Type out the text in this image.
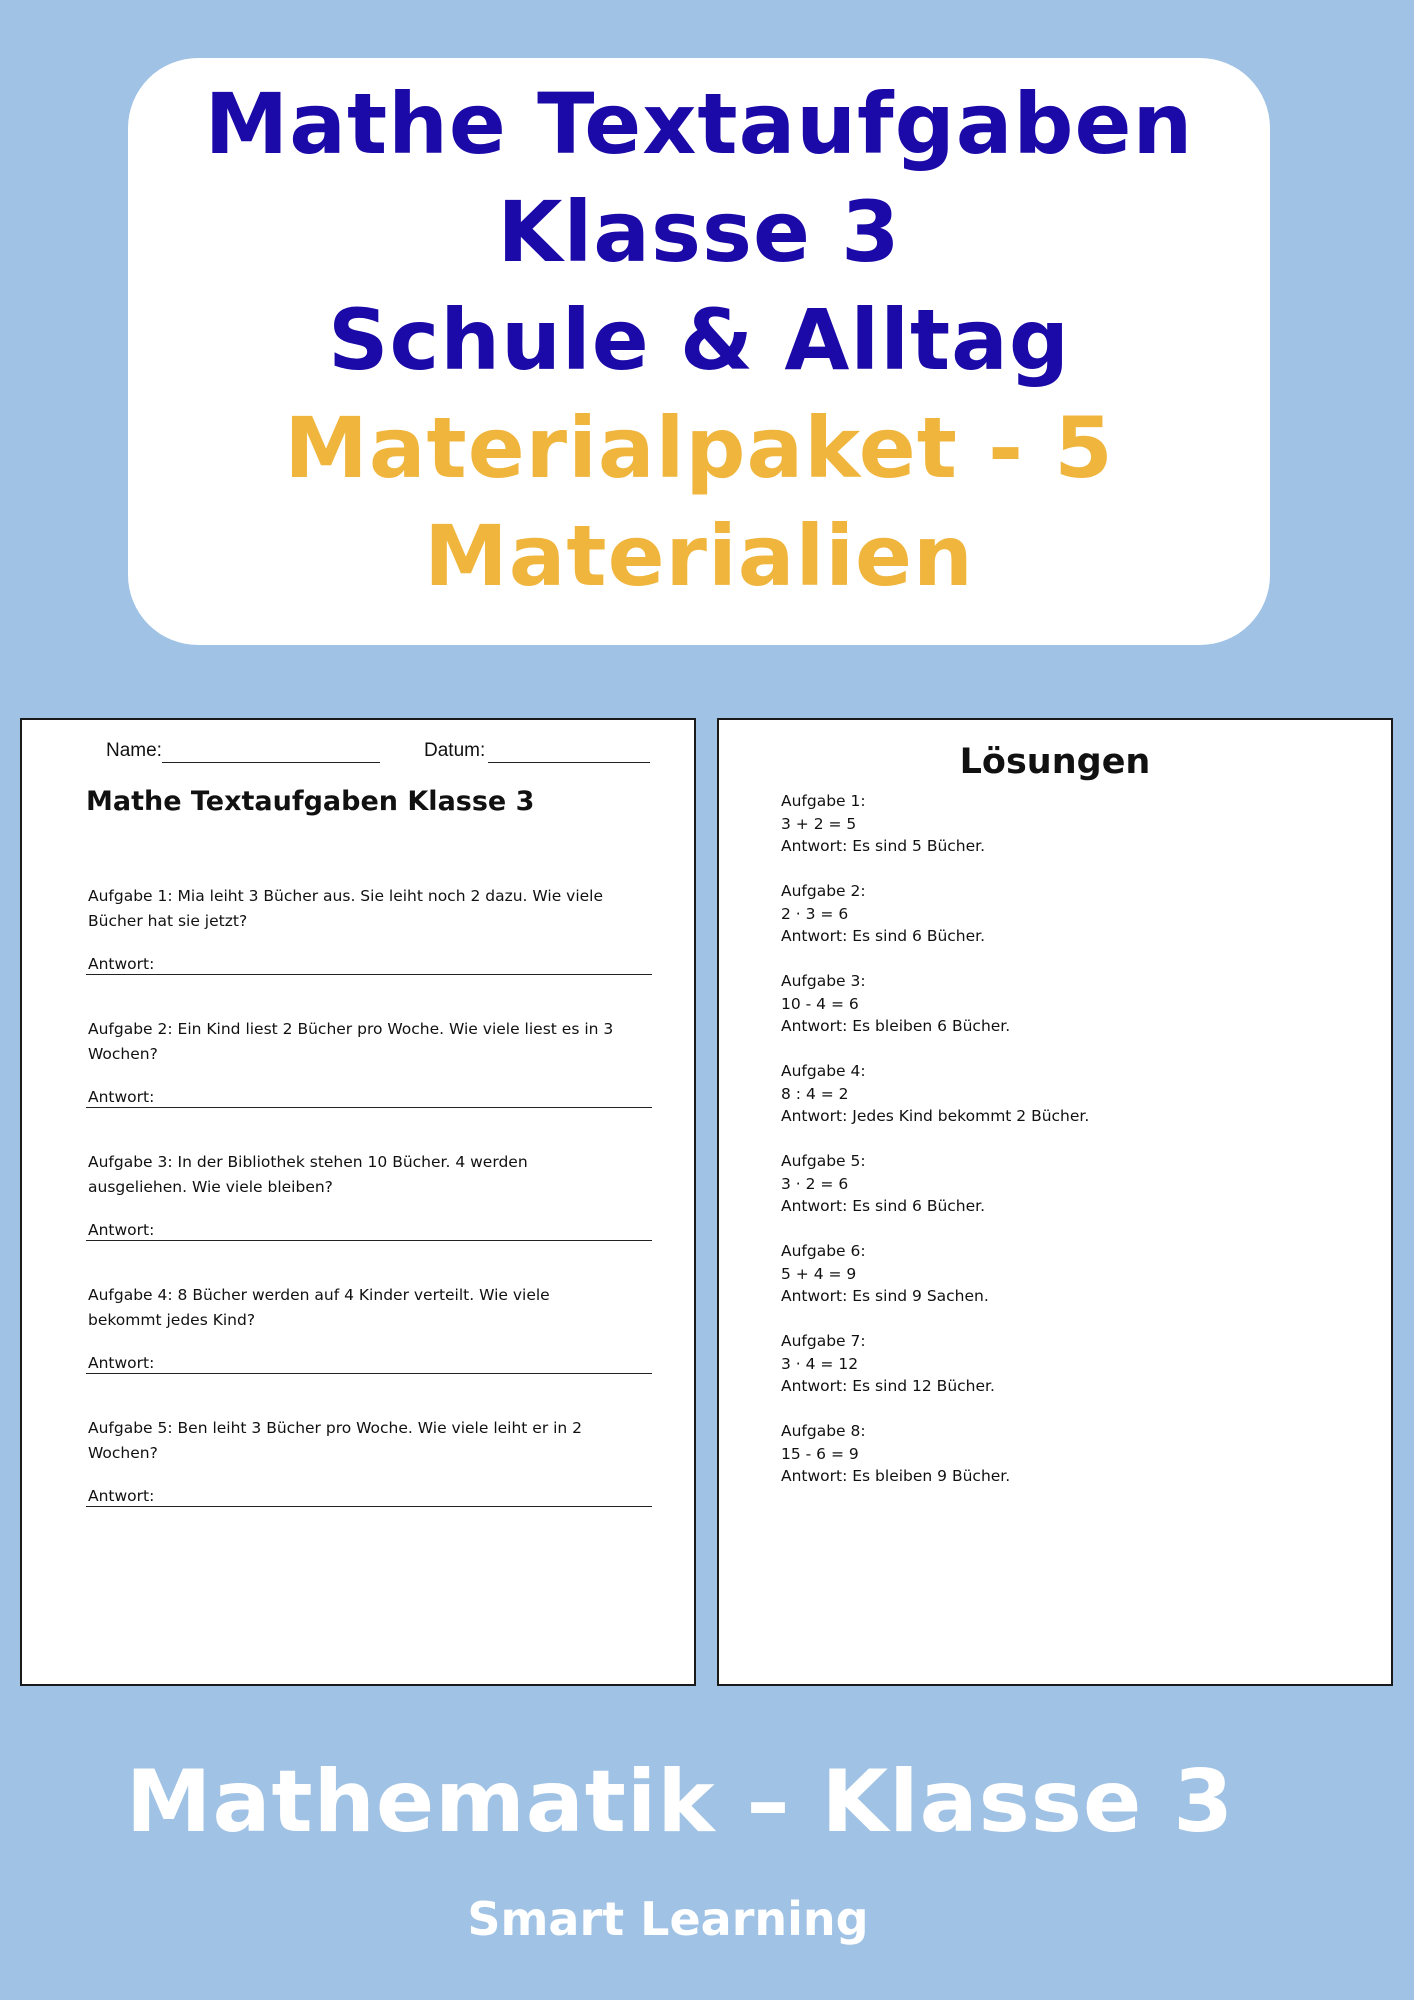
Mathe Textaufgaben

Klasse 3

Schule & Alltag

Materialpaket - 5

Materialien

Name:	Datum:
Mathe Textaufgaben Klasse 3
Aufgabe 1: Mia leiht 3 Bücher aus. Sie leiht noch 2 dazu. Wie viele Bücher hat sie jetzt?
Antwort:
Aufgabe 2: Ein Kind liest 2 Bücher pro Woche. Wie viele liest es in 3 Wochen?
Antwort:
Aufgabe 3: In der Bibliothek stehen 10 Bücher. 4 werden ausgeliehen. Wie viele bleiben?
Antwort:
Aufgabe 4: 8 Bücher werden auf 4 Kinder verteilt. Wie viele bekommt jedes Kind?
Antwort:
Aufgabe 5: Ben leiht 3 Bücher pro Woche. Wie viele leiht er in 2 Wochen?
Antwort:
Lösungen
Aufgabe 1:
3 + 2 = 5
Antwort: Es sind 5 Bücher.
Aufgabe 2:
2 · 3 = 6
Antwort: Es sind 6 Bücher.
Aufgabe 3:
10 - 4 = 6
Antwort: Es bleiben 6 Bücher.
Aufgabe 4:
8 : 4 = 2
Antwort: Jedes Kind bekommt 2 Bücher.
Aufgabe 5:
3 · 2 = 6
Antwort: Es sind 6 Bücher.
Aufgabe 6:
5 + 4 = 9
Antwort: Es sind 9 Sachen.
Aufgabe 7:
3 · 4 = 12
Antwort: Es sind 12 Bücher.
Aufgabe 8:
15 - 6 = 9
Antwort: Es bleiben 9 Bücher.
Mathematik – Klasse 3

Smart Learning
